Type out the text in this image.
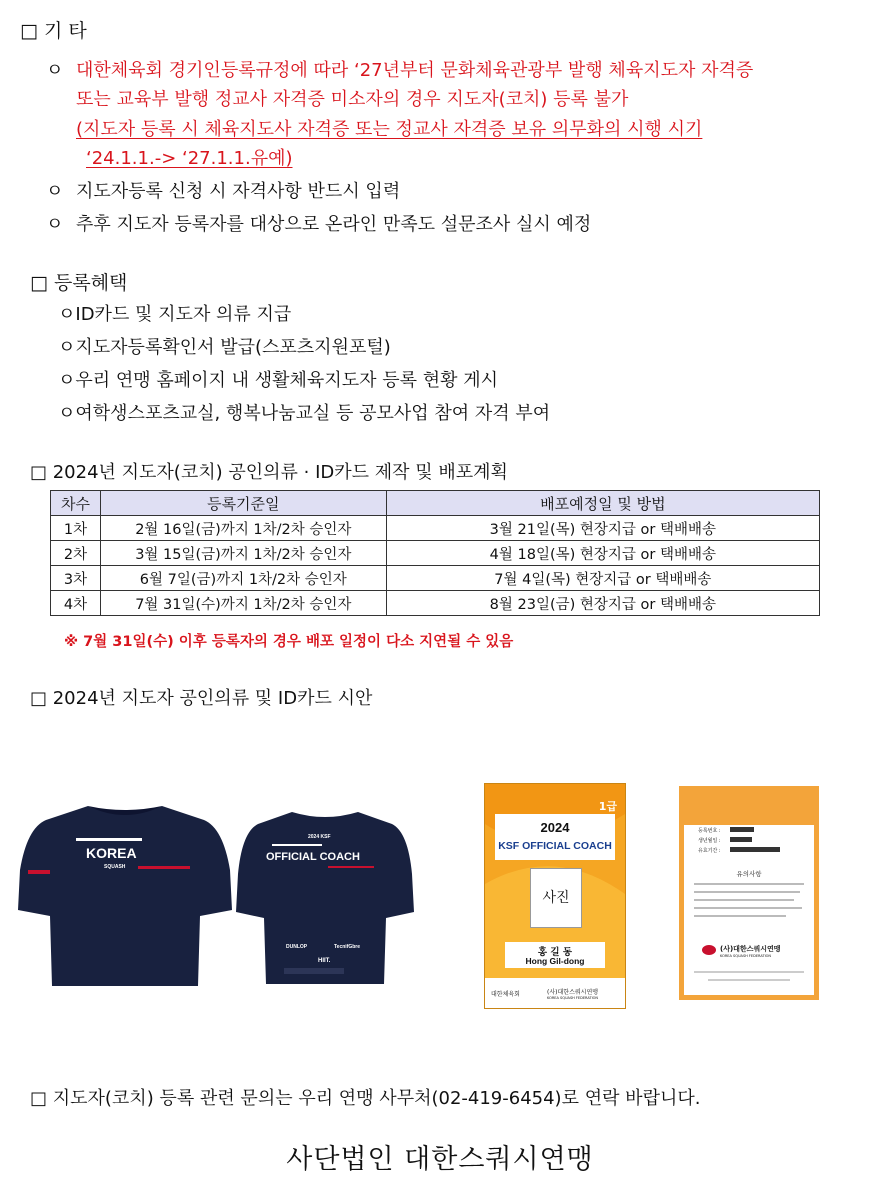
□ 기 타
ㅇ 대한체육회 경기인등록규정에 따라 ‘27년부터 문화체육관광부 발행 체육지도자 자격증
또는 교육부 발행 정교사 자격증 미소자의 경우 지도자(코치) 등록 불가
(지도자 등록 시 체육지도사 자격증 또는 정교사 자격증 보유 의무화의 시행 시기
‘24.1.1.-> ‘27.1.1.유예)
ㅇ 지도자등록 신청 시 자격사항 반드시 입력
ㅇ 추후 지도자 등록자를 대상으로 온라인 만족도 설문조사 실시 예정
□ 등록혜택
ㅇID카드 및 지도자 의류 지급
ㅇ지도자등록확인서 발급(스포츠지원포털)
ㅇ우리 연맹 홈페이지 내 생활체육지도자 등록 현황 게시
ㅇ여학생스포츠교실, 행복나눔교실 등 공모사업 참여 자격 부여
□ 2024년 지도자(코치) 공인의류 · ID카드 제작 및 배포계획
차수	등록기준일	배포예정일 및 방법
1차	2월 16일(금)까지 1차/2차 승인자	3월 21일(목) 현장지급 or 택배배송
2차	3월 15일(금)까지 1차/2차 승인자	4월 18일(목) 현장지급 or 택배배송
3차	6월 7일(금)까지 1차/2차 승인자	7월 4일(목) 현장지급 or 택배배송
4차	7월 31일(수)까지 1차/2차 승인자	8월 23일(금) 현장지급 or 택배배송
※ 7월 31일(수) 이후 등록자의 경우 배포 일정이 다소 지연될 수 있음
□ 2024년 지도자 공인의류 및 ID카드 시안
KOREA
SQUASH
2024 KSF
OFFICIAL COACH
DUNLOP	TecnifGbre
HIIT.
1급
2024
KSF OFFICIAL COACH
사진
홍 길 동
Hong Gil-dong
대한체육회	(사)대한스쿼시연맹
KOREA SQUASH FEDERATION
등록번호 :
생년월일 :
유효기간 :
유의사항
(사)대한스쿼시연맹
KOREA SQUASH FEDERATION
□ 지도자(코치) 등록 관련 문의는 우리 연맹 사무처(02-419-6454)로 연락 바랍니다.
사단법인 대한스쿼시연맹
